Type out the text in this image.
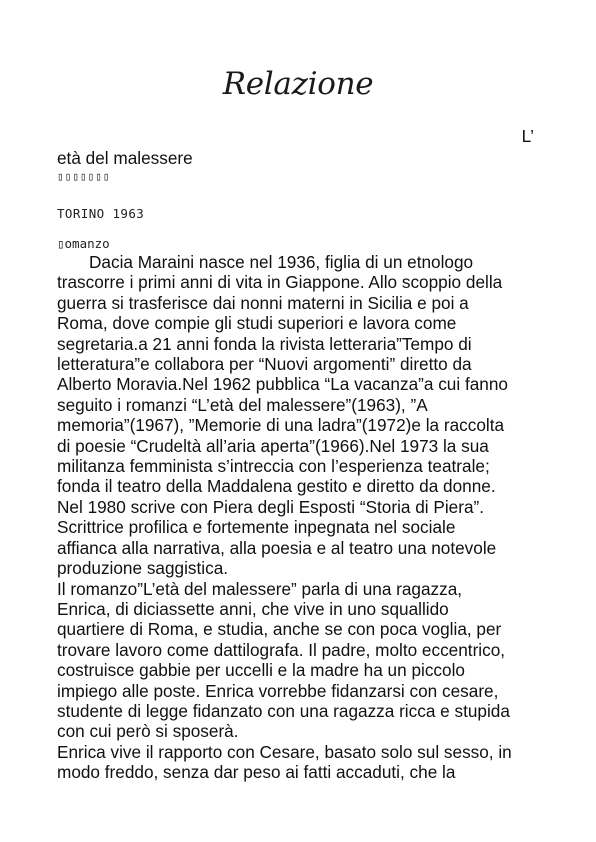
Relazione
L’
età del malessere
▯▯▯▯▯▯▯
TORINO 1963
▯omanzo

Dacia Maraini nasce nel 1936, figlia di un etnologo

trascorre i primi anni di vita in Giappone. Allo scoppio della

guerra si trasferisce dai nonni materni in Sicilia e poi a

Roma, dove compie gli studi superiori e lavora come

segretaria.a 21 anni fonda la rivista letteraria”Tempo di

letteratura”e collabora per “Nuovi argomenti” diretto da

Alberto Moravia.Nel 1962 pubblica “La vacanza”a cui fanno

seguito i romanzi “L’età del malessere”(1963), ”A

memoria”(1967), ”Memorie di una ladra”(1972)e la raccolta

di poesie “Crudeltà all’aria aperta”(1966).Nel 1973 la sua

militanza femminista s’intreccia con l’esperienza teatrale;

fonda il teatro della Maddalena gestito e diretto da donne.

Nel 1980 scrive con Piera degli Esposti “Storia di Piera”.

Scrittrice profilica e fortemente inpegnata nel sociale

affianca alla narrativa, alla poesia e al teatro una notevole

produzione saggistica.

Il romanzo”L’età del malessere” parla di una ragazza,

Enrica, di diciassette anni, che vive in uno squallido

quartiere di Roma, e studia, anche se con poca voglia, per

trovare lavoro come dattilografa. Il padre, molto eccentrico,

costruisce gabbie per uccelli e la madre ha un piccolo

impiego alle poste. Enrica vorrebbe fidanzarsi con cesare,

studente di legge fidanzato con una ragazza ricca e stupida

con cui però si sposerà.

Enrica vive il rapporto con Cesare, basato solo sul sesso, in

modo freddo, senza dar peso ai fatti accaduti, che la
